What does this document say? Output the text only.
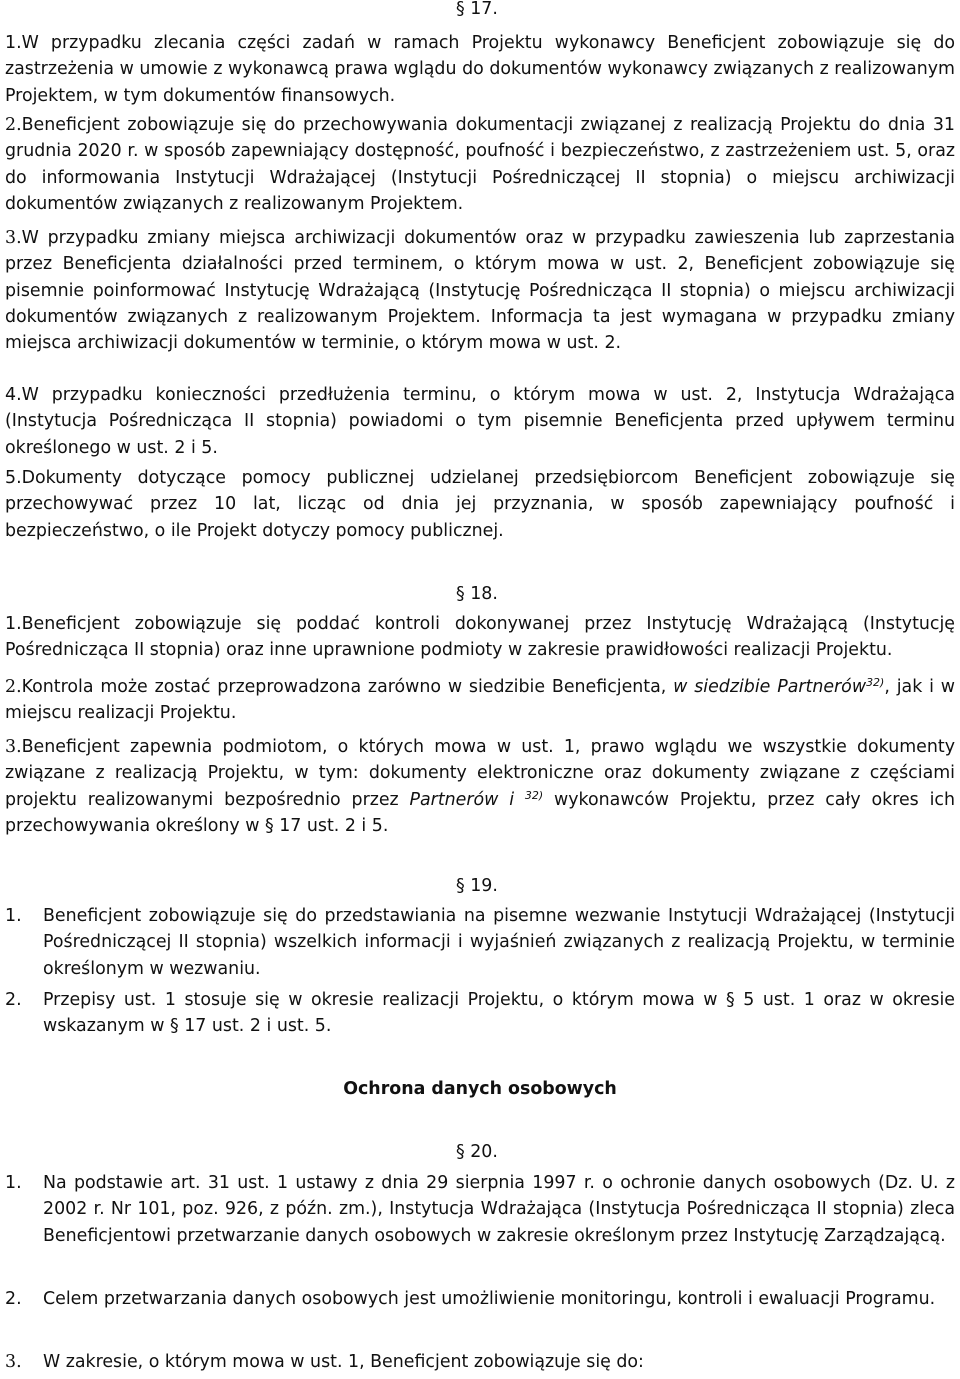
§ 17.

1.W przypadku zlecania części zadań w ramach Projektu wykonawcy Beneficjent zobowiązuje się do zastrzeżenia w umowie z wykonawcą prawa wglądu do dokumentów wykonawcy związanych z realizowanym Projektem, w tym dokumentów finansowych.

2.Beneficjent zobowiązuje się do przechowywania dokumentacji związanej z realizacją Projektu do dnia 31 grudnia 2020 r. w sposób zapewniający dostępność, poufność i bezpieczeństwo, z zastrzeżeniem ust. 5, oraz do informowania Instytucji Wdrażającej (Instytucji Pośredniczącej II stopnia) o miejscu archiwizacji dokumentów związanych z realizowanym Projektem.

3.W przypadku zmiany miejsca archiwizacji dokumentów oraz w przypadku zawieszenia lub zaprzestania przez Beneficjenta działalności przed terminem, o którym mowa w ust. 2, Beneficjent zobowiązuje się pisemnie poinformować Instytucję Wdrażającą (Instytucję Pośrednicząca II stopnia) o miejscu archiwizacji dokumentów związanych z realizowanym Projektem. Informacja ta jest wymagana w przypadku zmiany miejsca archiwizacji dokumentów w terminie, o którym mowa w ust. 2.

4.W przypadku konieczności przedłużenia terminu, o którym mowa w ust. 2, Instytucja Wdrażająca (Instytucja Pośrednicząca II stopnia) powiadomi o tym pisemnie Beneficjenta przed upływem terminu określonego w ust. 2 i 5.

5.Dokumenty dotyczące pomocy publicznej udzielanej przedsiębiorcom Beneficjent zobowiązuje się przechowywać przez 10 lat, licząc od dnia jej przyznania, w sposób zapewniający poufność i bezpieczeństwo, o ile Projekt dotyczy pomocy publicznej.

§ 18.

1.Beneficjent zobowiązuje się poddać kontroli dokonywanej przez Instytucję Wdrażającą (Instytucję Pośrednicząca II stopnia) oraz inne uprawnione podmioty w zakresie prawidłowości realizacji Projektu.

2.Kontrola może zostać przeprowadzona zarówno w siedzibie Beneficjenta, w siedzibie Partnerów$^{32)}$, jak i w miejscu realizacji Projektu.

3.Beneficjent zapewnia podmiotom, o których mowa w ust. 1, prawo wglądu we wszystkie dokumenty związane z realizacją Projektu, w tym: dokumenty elektroniczne oraz dokumenty związane z częściami projektu realizowanymi bezpośrednio przez Partnerów i $^{32)}$ wykonawców Projektu, przez cały okres ich przechowywania określony w § 17 ust. 2 i 5.

§ 19.
1. Beneficjent zobowiązuje się do przedstawiania na pisemne wezwanie Instytucji Wdrażającej (Instytucji Pośredniczącej II stopnia) wszelkich informacji i wyjaśnień związanych z realizacją Projektu, w terminie określonym w wezwaniu.
2. Przepisy ust. 1 stosuje się w okresie realizacji Projektu, o którym mowa w § 5 ust. 1 oraz w okresie wskazanym w § 17 ust. 2 i ust. 5.
Ochrona danych osobowych
§ 20.
1. Na podstawie art. 31 ust. 1 ustawy z dnia 29 sierpnia 1997 r. o ochronie danych osobowych (Dz. U. z 2002 r. Nr 101, poz. 926, z późn. zm.), Instytucja Wdrażająca (Instytucja Pośrednicząca II stopnia) zleca Beneficjentowi przetwarzanie danych osobowych w zakresie określonym przez Instytucję Zarządzającą.
2. Celem przetwarzania danych osobowych jest umożliwienie monitoringu, kontroli i ewaluacji Programu.
3. W zakresie, o którym mowa w ust. 1, Beneficjent zobowiązuje się do:
